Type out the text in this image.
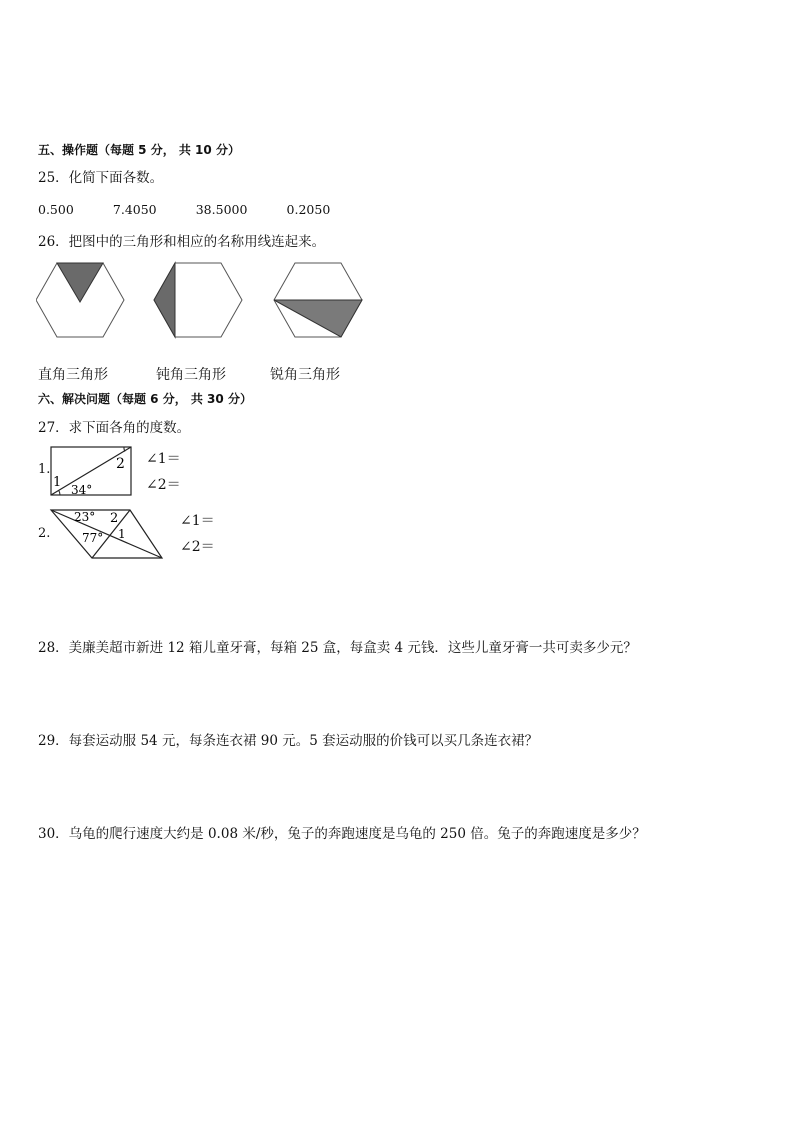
五、操作题（每题 5 分， 共 10 分）
25．化简下面各数。
0.500	7.4050	38.5000	0.2050
26．把图中的三角形和相应的名称用线连起来。
直角三角形	钝角三角形	锐角三角形
六、解决问题（每题 6 分， 共 30 分）
27．求下面各角的度数。
1.
1
2
34°
∠1＝
∠2＝
2.
23°
77°
2
1
∠1＝
∠2＝
28．美廉美超市新进 12 箱儿童牙膏，每箱 25 盒，每盒卖 4 元钱．这些儿童牙膏一共可卖多少元？
29．每套运动服 54 元，每条连衣裙 90 元。5 套运动服的价钱可以买几条连衣裙？
30．乌龟的爬行速度大约是 0.08 米/秒，兔子的奔跑速度是乌龟的 250 倍。兔子的奔跑速度是多少？
